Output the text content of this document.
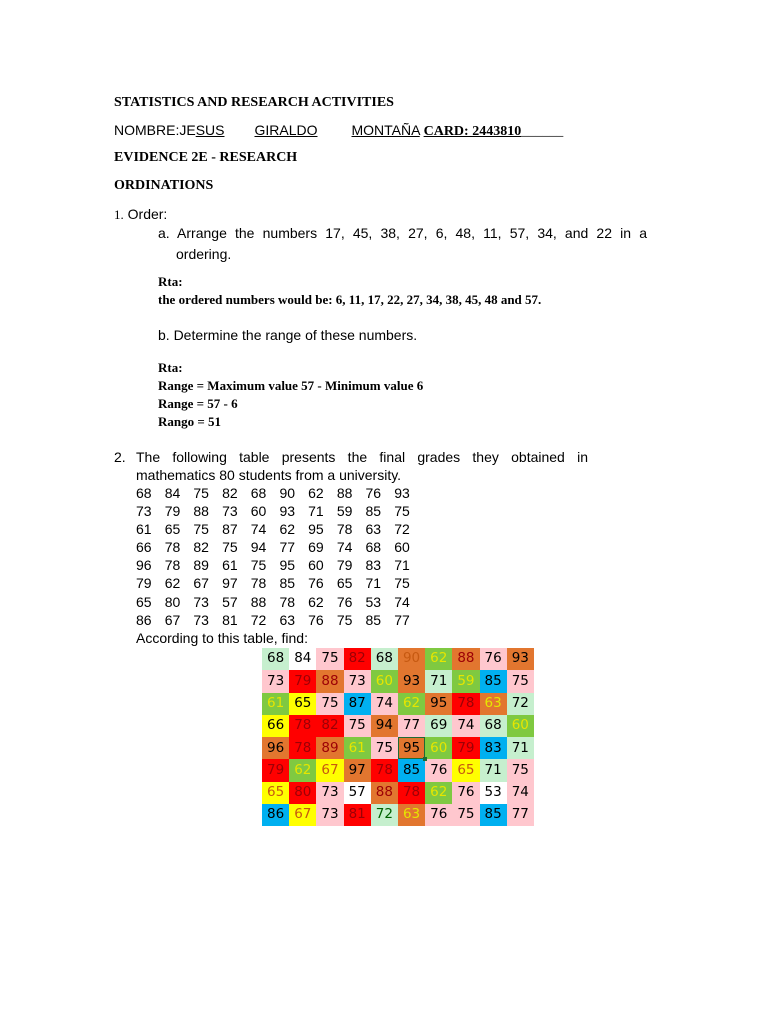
STATISTICS AND RESEARCH ACTIVITIES
NOMBRE:JESUS GIRALDO MONTAÑA CARD: 2443810______
EVIDENCE 2E - RESEARCH
ORDINATIONS
1. Order:
a. Arrange the numbers 17, 45, 38, 27, 6, 48, 11, 57, 34, and 22 in a
ordering.
Rta:
the ordered numbers would be: 6, 11, 17, 22, 27, 34, 38, 45, 48 and 57.
b. Determine the range of these numbers.
Rta:
Range = Maximum value 57 - Minimum value 6
Range = 57 - 6
Rango = 51
2. The following table presents the final grades they obtained in
mathematics 80 students from a university.
68 84 75 82 68 90 62 88 76 93
73 79 88 73 60 93 71 59 85 75
61 65 75 87 74 62 95 78 63 72
66 78 82 75 94 77 69 74 68 60
96 78 89 61 75 95 60 79 83 71
79 62 67 97 78 85 76 65 71 75
65 80 73 57 88 78 62 76 53 74
86 67 73 81 72 63 76 75 85 77
According to this table, find:
68 84 75 82 68 90 62 88 76 93
73 79 88 73 60 93 71 59 85 75
61 65 75 87 74 62 95 78 63 72
66 78 82 75 94 77 69 74 68 60
96 78 89 61 75 95 60 79 83 71
79 62 67 97 78 85 76 65 71 75
65 80 73 57 88 78 62 76 53 74
86 67 73 81 72 63 76 75 85 77
